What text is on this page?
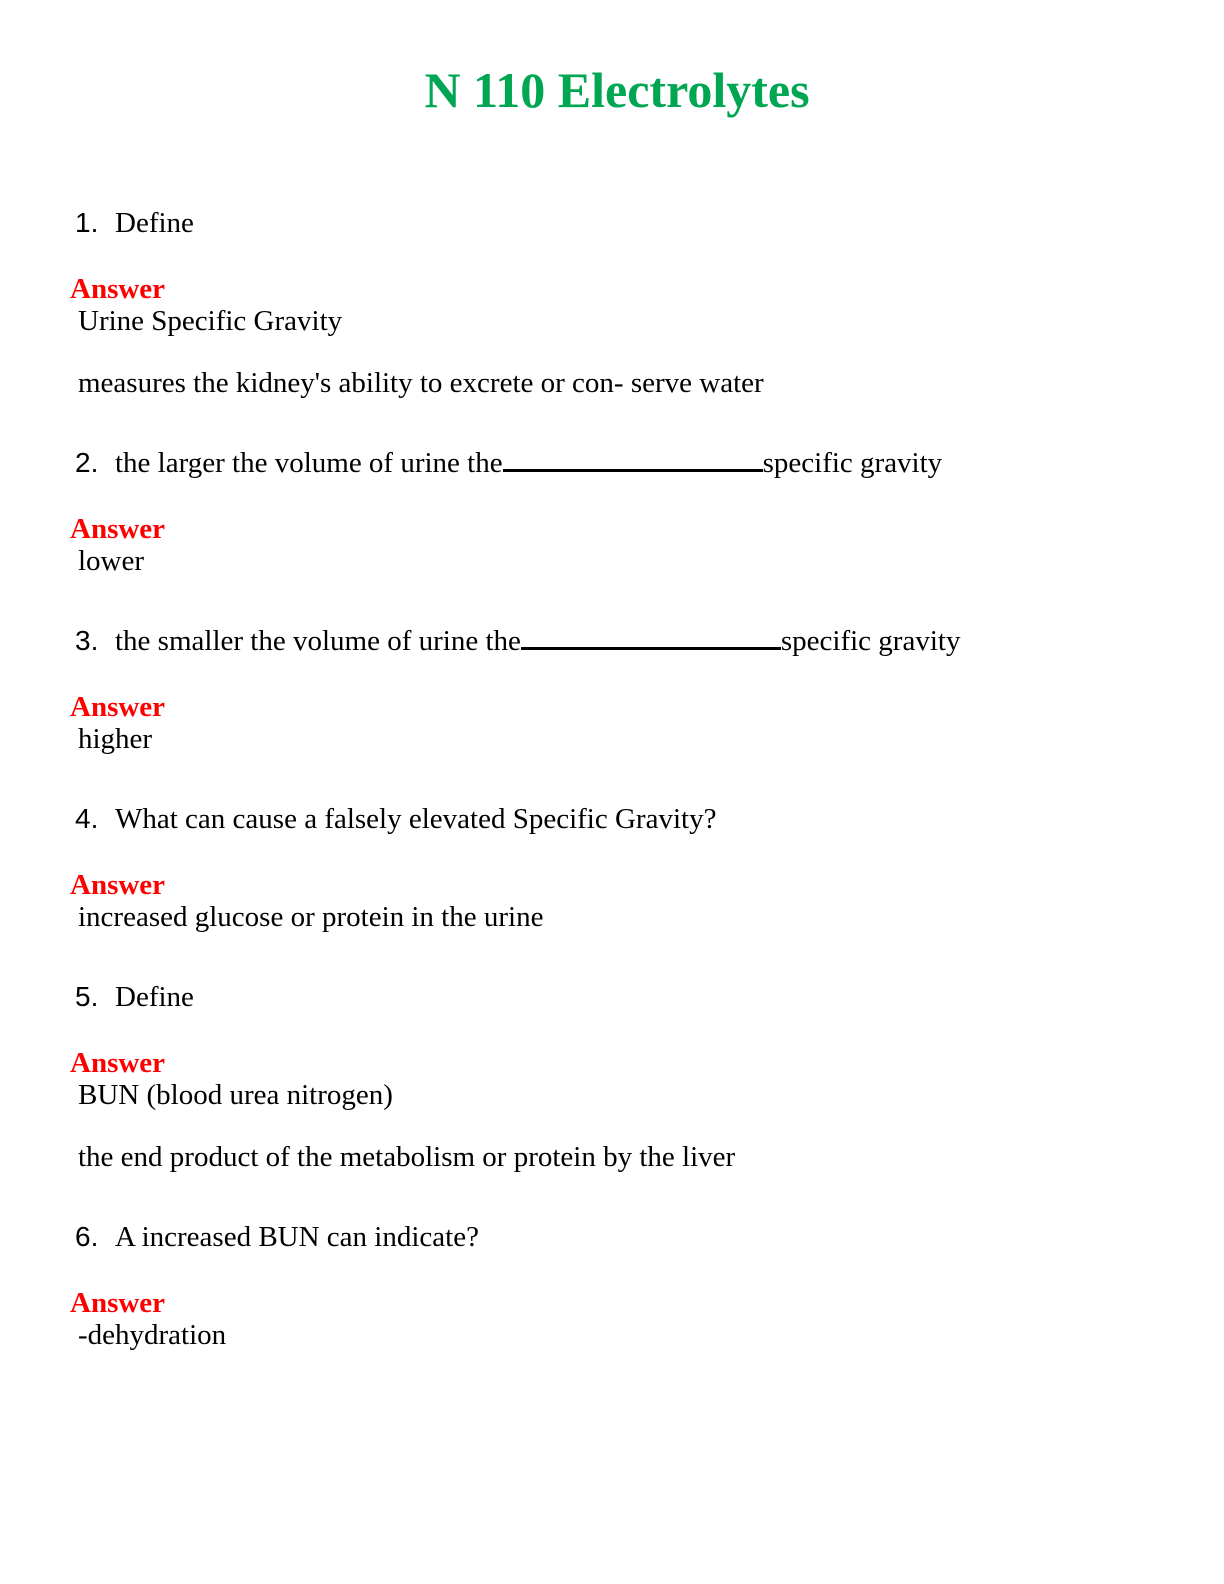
N 110 Electrolytes
1. Define
Answer
Urine Specific Gravity
measures the kidney's ability to excrete or con- serve water
2. the larger the volume of urine the	specific gravity
Answer
lower
3. the smaller the volume of urine the	specific gravity
Answer
higher
4. What can cause a falsely elevated Specific Gravity?
Answer
increased glucose or protein in the urine
5. Define
Answer
BUN (blood urea nitrogen)
the end product of the metabolism or protein by the liver
6. A increased BUN can indicate?
Answer
-dehydration
